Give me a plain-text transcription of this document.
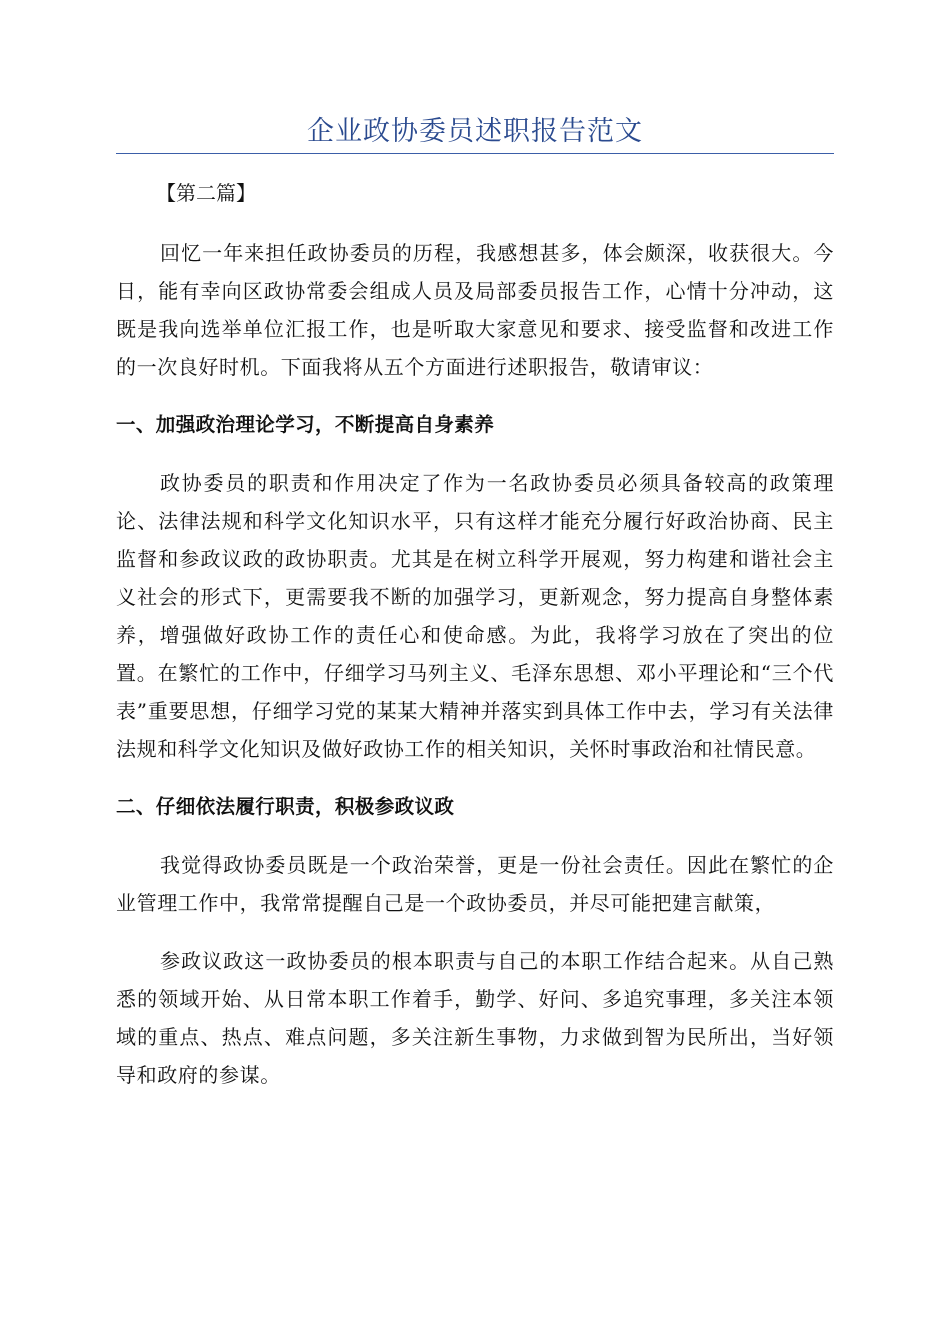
企业政协委员述职报告范文

【第二篇】

回忆一年来担任政协委员的历程，我感想甚多，体会颇深，收获很大。今日，能有幸向区政协常委会组成人员及局部委员报告工作，心情十分冲动，这既是我向选举单位汇报工作，也是听取大家意见和要求、接受监督和改进工作的一次良好时机。下面我将从五个方面进行述职报告，敬请审议：

一、加强政治理论学习，不断提高自身素养

政协委员的职责和作用决定了作为一名政协委员必须具备较高的政策理论、法律法规和科学文化知识水平，只有这样才能充分履行好政治协商、民主监督和参政议政的政协职责。尤其是在树立科学开展观，努力构建和谐社会主义社会的形式下，更需要我不断的加强学习，更新观念，努力提高自身整体素养，增强做好政协工作的责任心和使命感。为此，我将学习放在了突出的位置。在繁忙的工作中，仔细学习马列主义、毛泽东思想、邓小平理论和“三个代表”重要思想，仔细学习党的某某大精神并落实到具体工作中去，学习有关法律法规和科学文化知识及做好政协工作的相关知识，关怀时事政治和社情民意。

二、仔细依法履行职责，积极参政议政

我觉得政协委员既是一个政治荣誉，更是一份社会责任。因此在繁忙的企业管理工作中，我常常提醒自己是一个政协委员，并尽可能把建言献策，

参政议政这一政协委员的根本职责与自己的本职工作结合起来。从自己熟悉的领域开始、从日常本职工作着手，勤学、好问、多追究事理，多关注本领域的重点、热点、难点问题，多关注新生事物，力求做到智为民所出，当好领导和政府的参谋。
